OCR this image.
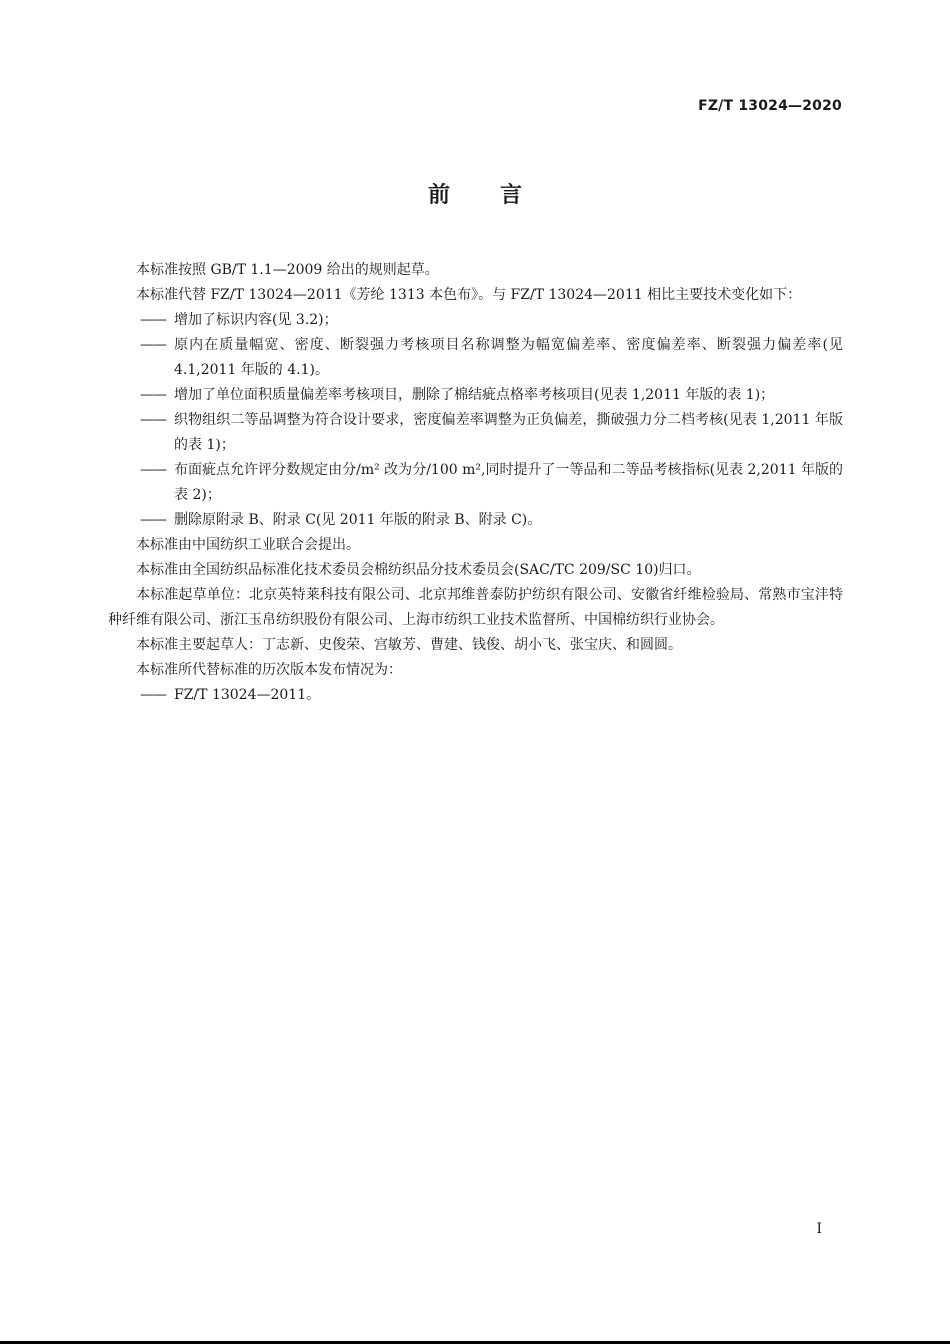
FZ/T 13024—2020
前言
本标准按照 GB/T 1.1—2009 给出的规则起草。
本标准代替 FZ/T 13024—2011《芳纶 1313 本色布》。与 FZ/T 13024—2011 相比主要技术变化如下：
—— 增加了标识内容(见 3.2)；
—— 原内在质量幅宽、密度、断裂强力考核项目名称调整为幅宽偏差率、密度偏差率、断裂强力偏差率(见 4.1,2011 年版的 4.1)。
—— 增加了单位面积质量偏差率考核项目，删除了棉结疵点格率考核项目(见表 1,2011 年版的表 1)；
—— 织物组织二等品调整为符合设计要求，密度偏差率调整为正负偏差，撕破强力分二档考核(见表 1,2011 年版的表 1)；
—— 布面疵点允许评分数规定由分/m² 改为分/100 m²,同时提升了一等品和二等品考核指标(见表 2,2011 年版的表 2)；
—— 删除原附录 B、附录 C(见 2011 年版的附录 B、附录 C)。
本标准由中国纺织工业联合会提出。
本标准由全国纺织品标准化技术委员会棉纺织品分技术委员会(SAC/TC 209/SC 10)归口。
本标准起草单位：北京英特莱科技有限公司、北京邦维普泰防护纺织有限公司、安徽省纤维检验局、常熟市宝沣特种纤维有限公司、浙江玉帛纺织股份有限公司、上海市纺织工业技术监督所、中国棉纺织行业协会。
本标准主要起草人：丁志新、史俊荣、宫敏芳、曹建、钱俊、胡小飞、张宝庆、和圆圆。
本标准所代替标准的历次版本发布情况为：
—— FZ/T 13024—2011。
I
